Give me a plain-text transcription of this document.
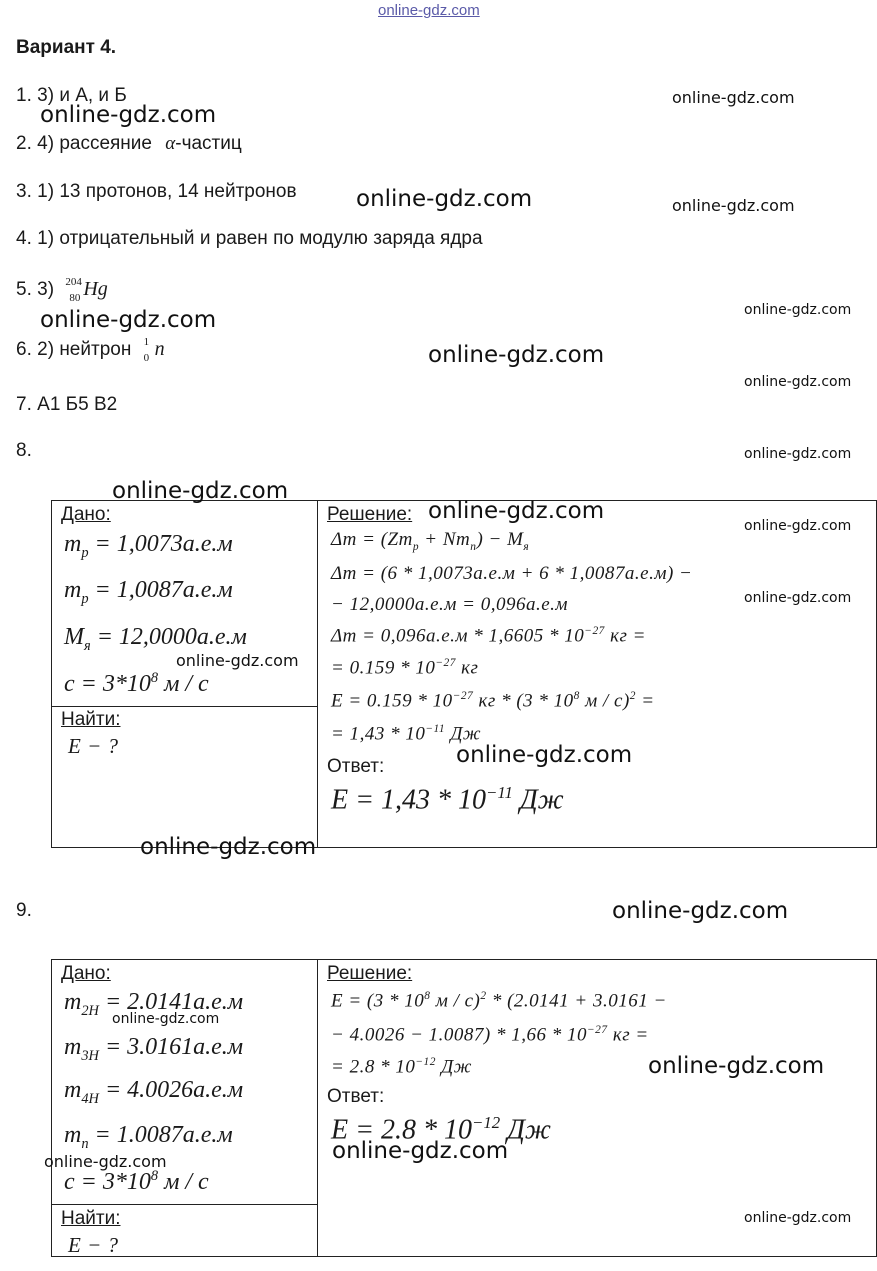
online-gdz.com
Вариант 4.
1. 3) и А, и Б
2. 4) рассеяние α-частиц
3. 1) 13 протонов, 14 нейтронов
4. 1) отрицательный и равен по модулю заряда ядра
5. 3) 204
80 Hg
6. 2) нейтрон 1
0 n
7. А1 Б5 В2
8.
Дано:
$m_p = 1,0073а.е.м$
$m_p = 1,0087а.е.м$
$M_я = 12,0000а.е.м$
$c = 3*10^8$ м / с
Найти:
E − ?
Решение:
$\Delta m = (Zm_p + Nm_n) - M_я$
Δm = (6 * 1,0073а.е.м + 6 * 1,0087а.е.м) −
− 12,0000а.е.м = 0,096а.е.м
$\Delta m = 0,096а.е.м * 1,6605 * 10^{-27}$ кг =
= $0.159 * 10^{-27}$ кг
$E = 0.159 * 10^{-27}$ кг * ($3 * 10^8$ м / с)$^2$ =
= $1,43 * 10^{-11}$ Дж
Ответ:
$E = 1,43 * 10^{-11}$ Дж
9.
Дано:
$m_{2H} = 2.0141а.е.м$
$m_{3H} = 3.0161а.е.м$
$m_{4H} = 4.0026а.е.м$
$m_n = 1.0087а.е.м$
$c = 3*10^8$ м / с
Найти:
E − ?
Решение:
$E = (3 * 10^8$ м / с)$^2$ * (2.0141 + 3.0161 −
− $4.0026 - 1.0087) * 1,66 * 10^{-27}$ кг =
= $2.8 * 10^{-12}$ Дж
Ответ:
$E = 2.8 * 10^{-12}$ Дж
online-gdz.com
online-gdz.com
online-gdz.com	online-gdz.com
online-gdz.com	online-gdz.com
online-gdz.com
online-gdz.com
online-gdz.com
online-gdz.com
online-gdz.com
online-gdz.com
online-gdz.com
online-gdz.com
online-gdz.com
online-gdz.com
online-gdz.com
online-gdz.com
online-gdz.com
online-gdz.com	online-gdz.com
online-gdz.com
